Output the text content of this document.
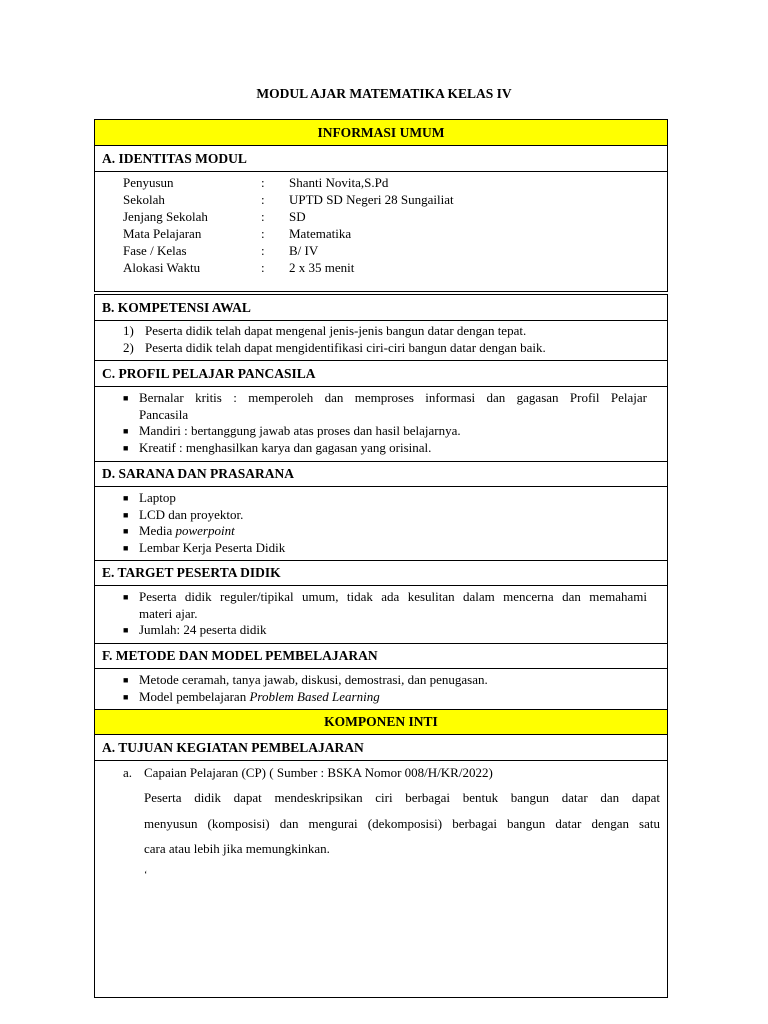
MODUL AJAR MATEMATIKA KELAS IV
INFORMASI UMUM
A. IDENTITAS MODUL
Penyusun	: Shanti Novita,S.Pd
Sekolah	: UPTD SD Negeri 28 Sungailiat
Jenjang Sekolah	: SD
Mata Pelajaran	: Matematika
Fase / Kelas	: B/ IV
Alokasi Waktu	: 2 x 35 menit
B. KOMPETENSI AWAL
1) Peserta didik telah dapat mengenal jenis-jenis bangun datar dengan tepat.
2) Peserta didik telah dapat mengidentifikasi ciri-ciri bangun datar dengan baik.
C. PROFIL PELAJAR PANCASILA
■ Bernalar kritis : memperoleh dan memproses informasi dan gagasan Profil Pelajar
Pancasila
■ Mandiri : bertanggung jawab atas proses dan hasil belajarnya.
■ Kreatif : menghasilkan karya dan gagasan yang orisinal.
D. SARANA DAN PRASARANA
■ Laptop
■ LCD dan proyektor.
■ Media powerpoint
■ Lembar Kerja Peserta Didik
E. TARGET PESERTA DIDIK
■ Peserta didik reguler/tipikal umum, tidak ada kesulitan dalam mencerna dan memahami
materi ajar.
■ Jumlah: 24 peserta didik
F. METODE DAN MODEL PEMBELAJARAN
■ Metode ceramah, tanya jawab, diskusi, demostrasi, dan penugasan.
■ Model pembelajaran Problem Based Learning
KOMPONEN INTI
A. TUJUAN KEGIATAN PEMBELAJARAN
a. Capaian Pelajaran (CP) ( Sumber : BSKA Nomor 008/H/KR/2022)
Peserta didik dapat mendeskripsikan ciri berbagai bentuk bangun datar dan dapat
menyusun (komposisi) dan mengurai (dekomposisi) berbagai bangun datar dengan satu
cara atau lebih jika memungkinkan.
‘
